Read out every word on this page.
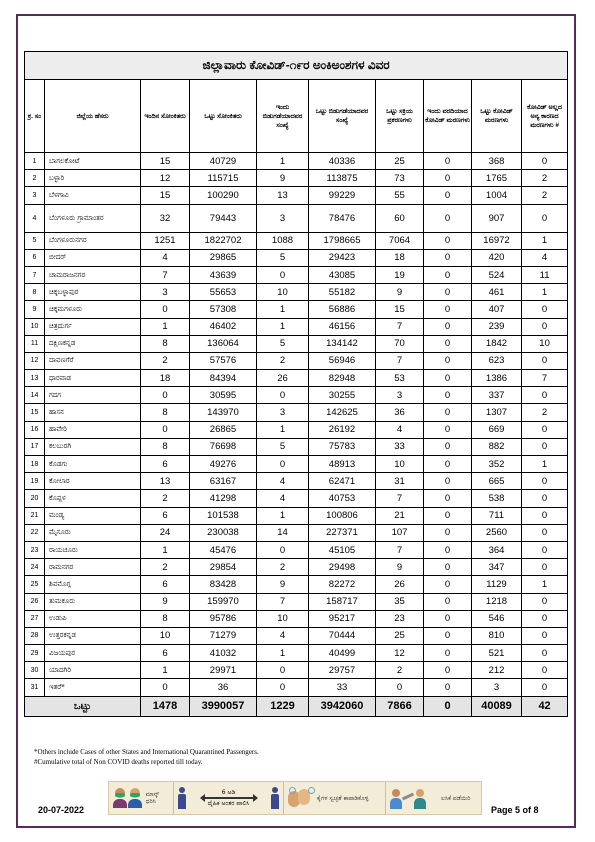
ಜಿಲ್ಲಾವಾರು ಕೋವಿಡ್-೧೯ರ ಅಂಕಿಅಂಶಗಳ ವಿವರ									
ಕ್ರ. ಸಂ	ಜಿಲ್ಲೆಯ ಹೆಸರು	ಇಂದಿನ ಸೋಂಕಿತರು	ಒಟ್ಟು ಸೋಂಕಿತರು	ಇಂದು ಬಿಡುಗಡೆಯಾದವರ ಸಂಖ್ಯೆ	ಒಟ್ಟು ಬಿಡುಗಡೆಯಾದವರ ಸಂಖ್ಯೆ	ಒಟ್ಟು ಸಕ್ರಿಯ ಪ್ರಕರಣಗಳು	ಇಂದು ವರದಿಯಾದ ಕೋವಿಡ್ ಮರಣಗಳು	ಒಟ್ಟು ಕೋವಿಡ್ ಮರಣಗಳು	ಕೋವಿಡ್ ಅಲ್ಲದ ಅನ್ಯ ಕಾರಣದ ಮರಣಗಳು #
1	ಬಾಗಲಕೋಟೆ	15	40729	1	40336	25	0	368	0
2	ಬಳ್ಳಾರಿ	12	115715	9	113875	73	0	1765	2
3	ಬೆಳಗಾವಿ	15	100290	13	99229	55	0	1004	2
4	ಬೆಂಗಳೂರು ಗ್ರಾಮಾಂತರ	32	79443	3	78476	60	0	907	0
5	ಬೆಂಗಳೂರುನಗರ	1251	1822702	1088	1798665	7064	0	16972	1
6	ಬೀದರ್	4	29865	5	29423	18	0	420	4
7	ಚಾಮರಾಜನಗರ	7	43639	0	43085	19	0	524	11
8	ಚಿಕ್ಕಬಳ್ಳಾಪುರ	3	55653	10	55182	9	0	461	1
9	ಚಿಕ್ಕಮಗಳೂರು	0	57308	1	56886	15	0	407	0
10	ಚಿತ್ರದುರ್ಗ	1	46402	1	46156	7	0	239	0
11	ದಕ್ಷಿಣಕನ್ನಡ	8	136064	5	134142	70	0	1842	10
12	ದಾವಣಗೆರೆ	2	57576	2	56946	7	0	623	0
13	ಧಾರವಾಡ	18	84394	26	82948	53	0	1386	7
14	ಗದಗ	0	30595	0	30255	3	0	337	0
15	ಹಾಸನ	8	143970	3	142625	36	0	1307	2
16	ಹಾವೇರಿ	0	26865	1	26192	4	0	669	0
17	ಕಲಬುರಗಿ	8	76698	5	75783	33	0	882	0
18	ಕೊಡಗು	6	49276	0	48913	10	0	352	1
19	ಕೋಲಾರ	13	63167	4	62471	31	0	665	0
20	ಕೊಪ್ಪಳ	2	41298	4	40753	7	0	538	0
21	ಮಂಡ್ಯ	6	101538	1	100806	21	0	711	0
22	ಮೈಸೂರು	24	230038	14	227371	107	0	2560	0
23	ರಾಯಚೂರು	1	45476	0	45105	7	0	364	0
24	ರಾಮನಗರ	2	29854	2	29498	9	0	347	0
25	ಶಿವಮೊಗ್ಗ	6	83428	9	82272	26	0	1129	1
26	ತುಮಕೂರು	9	159970	7	158717	35	0	1218	0
27	ಉಡುಪಿ	8	95786	10	95217	23	0	546	0
28	ಉತ್ತರಕನ್ನಡ	10	71279	4	70444	25	0	810	0
29	ವಿಜಯಪುರ	6	41032	1	40499	12	0	521	0
30	ಯಾದಗಿರಿ	1	29971	0	29757	2	0	212	0
31	ಇತರೆ*	0	36	0	33	0	0	3	0
ಒಟ್ಟು		1478	3990057	1229	3942060	7866	0	40089	42
*Others include Cases of other States and International Quarantined Passengers.
#Cumulative total of Non COVID deaths reported till today.
20-07-2022
ಮಾಸ್ಕ್ ಧರಿಸಿ
6 ಅಡಿ
ದೈಹಿಕ ಅಂತರ ಪಾಲಿಸಿ
ಕೈಗಳ ಸ್ವಚ್ಛತೆ ಕಾಪಾಡಿಕೊಳ್ಳಿ	ಲಸಿಕೆ ಪಡೆಯಿರಿ
Page 5 of 8
